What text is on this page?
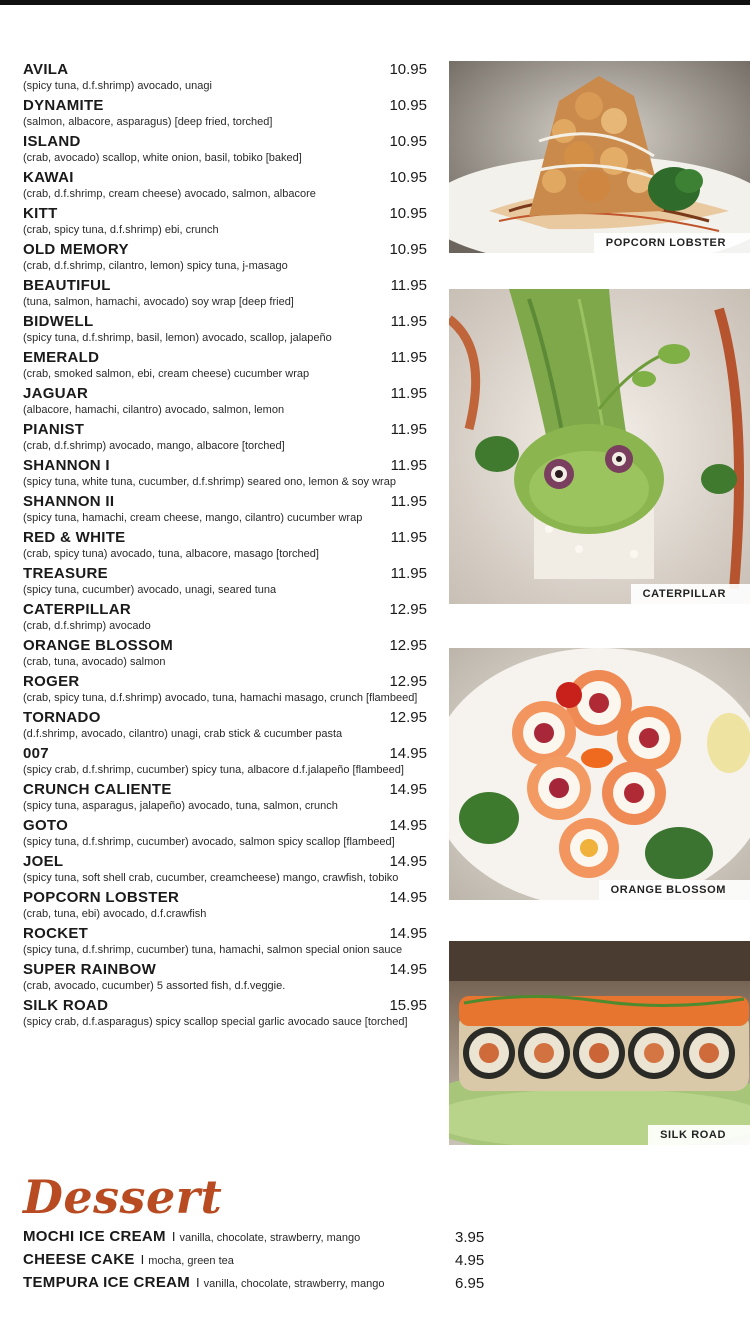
AVILA	10.95
(spicy tuna, d.f.shrimp) avocado, unagi
DYNAMITE	10.95
(salmon, albacore, asparagus) [deep fried, torched]
ISLAND	10.95
(crab, avocado) scallop, white onion, basil, tobiko [baked]
KAWAI	10.95
(crab, d.f.shrimp, cream cheese) avocado, salmon, albacore
KITT	10.95
(crab, spicy tuna, d.f.shrimp) ebi, crunch
OLD MEMORY	10.95
(crab, d.f.shrimp, cilantro, lemon) spicy tuna, j-masago
BEAUTIFUL	11.95
(tuna, salmon, hamachi, avocado) soy wrap [deep fried]
BIDWELL	11.95
(spicy tuna, d.f.shrimp, basil, lemon) avocado, scallop, jalapeño
EMERALD	11.95
(crab, smoked salmon, ebi, cream cheese) cucumber wrap
JAGUAR	11.95
(albacore, hamachi, cilantro) avocado, salmon, lemon
PIANIST	11.95
(crab, d.f.shrimp) avocado, mango, albacore [torched]
SHANNON I	11.95
(spicy tuna, white tuna, cucumber, d.f.shrimp) seared ono, lemon & soy wrap
SHANNON II	11.95
(spicy tuna, hamachi, cream cheese, mango, cilantro) cucumber wrap
RED & WHITE	11.95
(crab, spicy tuna) avocado, tuna, albacore, masago [torched]
TREASURE	11.95
(spicy tuna, cucumber) avocado, unagi, seared tuna
CATERPILLAR	12.95
(crab, d.f.shrimp) avocado
ORANGE BLOSSOM	12.95
(crab, tuna, avocado) salmon
ROGER	12.95
(crab, spicy tuna, d.f.shrimp) avocado, tuna, hamachi masago, crunch [flambeed]
TORNADO	12.95
(d.f.shrimp, avocado, cilantro) unagi, crab stick & cucumber pasta
007	14.95
(spicy crab, d.f.shrimp, cucumber) spicy tuna, albacore d.f.jalapeño [flambeed]
CRUNCH CALIENTE	14.95
(spicy tuna, asparagus, jalapeño) avocado, tuna, salmon, crunch
GOTO	14.95
(spicy tuna, d.f.shrimp, cucumber) avocado, salmon spicy scallop [flambeed]
JOEL	14.95
(spicy tuna, soft shell crab, cucumber, creamcheese) mango, crawfish, tobiko
POPCORN LOBSTER	14.95
(crab, tuna, ebi) avocado, d.f.crawfish
ROCKET	14.95
(spicy tuna, d.f.shrimp, cucumber) tuna, hamachi, salmon special onion sauce
SUPER RAINBOW	14.95
(crab, avocado, cucumber) 5 assorted fish, d.f.veggie.
SILK ROAD	15.95
(spicy crab, d.f.asparagus) spicy scallop special garlic avocado sauce [torched]
POPCORN LOBSTER
CATERPILLAR
ORANGE BLOSSOM
SILK ROAD
Dessert
MOCHI ICE CREAM I vanilla, chocolate, strawberry, mango	3.95
CHEESE CAKE I mocha, green tea	4.95
TEMPURA ICE CREAM I vanilla, chocolate, strawberry, mango	6.95
